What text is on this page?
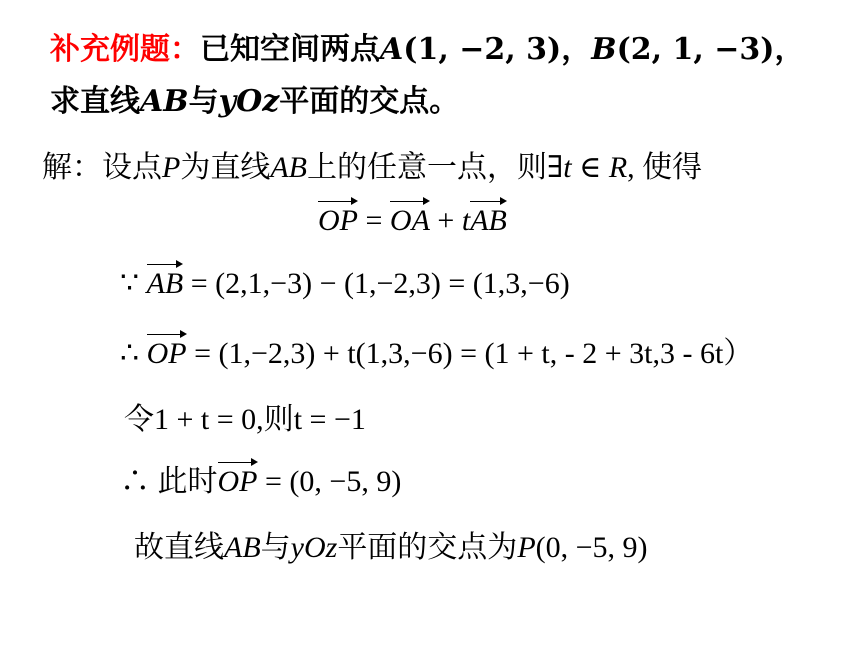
补充例题：已知空间两点A(1, −2, 3)，B(2, 1, −3)，
求直线AB与yOz平面的交点。
解：设点P为直线AB上的任意一点，则∃t ∈ R, 使得
OP = OA + tAB
∵ AB = (2,1,−3) − (1,−2,3) = (1,3,−6)
∴ OP = (1,−2,3) + t(1,3,−6) = (1 + t, - 2 + 3t,3 - 6t）
令1 + t = 0,则t = −1
∴ 此时OP = (0, −5, 9)
故直线AB与yOz平面的交点为P(0, −5, 9)
